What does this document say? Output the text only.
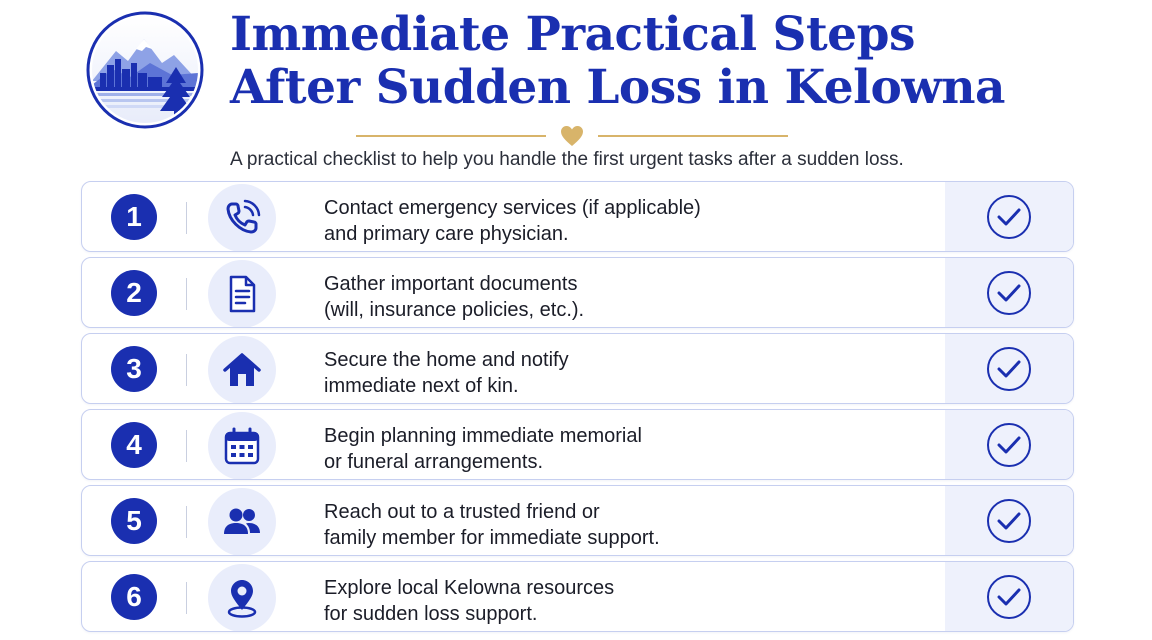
Immediate Practical Steps
After Sudden Loss in Kelowna
A practical checklist to help you handle the first urgent tasks after a sudden loss.
1	Contact emergency services (if applicable)
and primary care physician.
2	Gather important documents
(will, insurance policies, etc.).
3	Secure the home and notify
immediate next of kin.
4	Begin planning immediate memorial
or funeral arrangements.
5	Reach out to a trusted friend or
family member for immediate support.
6	Explore local Kelowna resources
for sudden loss support.
